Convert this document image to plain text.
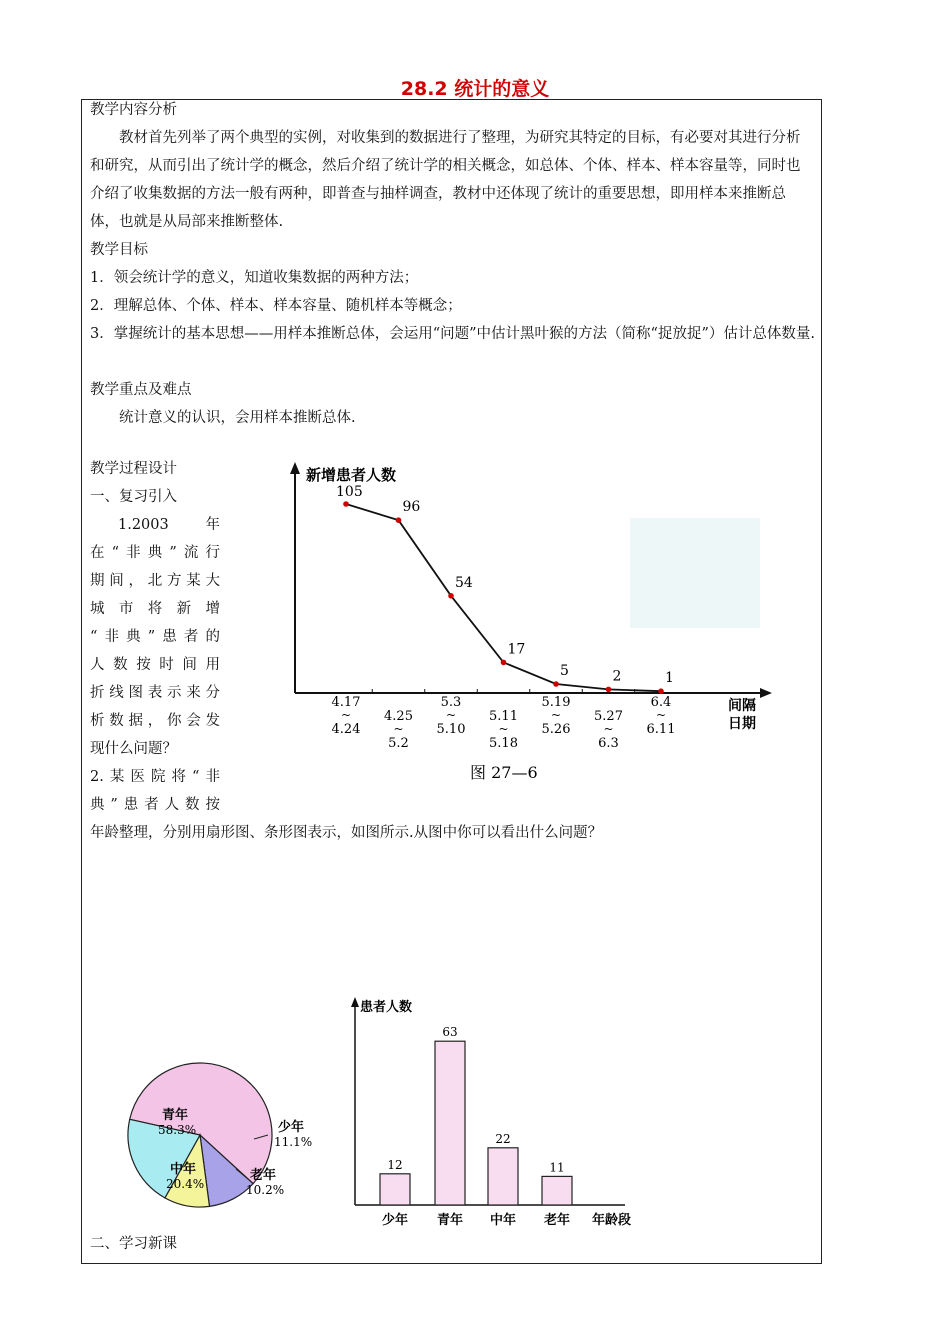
28.2 统计的意义

教学内容分析

教材首先列举了两个典型的实例，对收集到的数据进行了整理，为研究其特定的目标，有必要对其进行分析和研究，从而引出了统计学的概念，然后介绍了统计学的相关概念，如总体、个体、样本、样本容量等，同时也介绍了收集数据的方法一般有两种，即普查与抽样调查，教材中还体现了统计的重要思想，即用样本来推断总体，也就是从局部来推断整体.

教学目标

1．领会统计学的意义，知道收集数据的两种方法；

2．理解总体、个体、样本、样本容量、随机样本等概念；

3．掌握统计的基本思想——用样本推断总体，会运用“问题”中估计黑叶猴的方法（简称“捉放捉”）估计总体数量.

教学重点及难点

统计意义的认识，会用样本推断总体.

教学过程设计

一、复习引入

1.2003　　年

在“非典”流行

期间，北方某大

城市将新增

“非典”患者的

人数按时间用

折线图表示来分

析数据，你会发

现什么问题？

2.某医院将“非

典”患者人数按

年龄整理，分别用扇形图、条形图表示，如图所示.从图中你可以看出什么问题？

二、学习新课

新增患者人数
间隔
日期
图 27—6
4.17
~
4.24
4.25
~
5.2
5.3
~
5.10
5.11
~
5.18
5.19
~
5.26
5.27
~
6.3
6.4
~
6.11
105
96
54
17
5	2	1
青年
58.3%	少年
11.1%
老年
10.2%
中年
20.4%
患者人数
年龄段
12
少年
63
青年
22
中年
11
老年
